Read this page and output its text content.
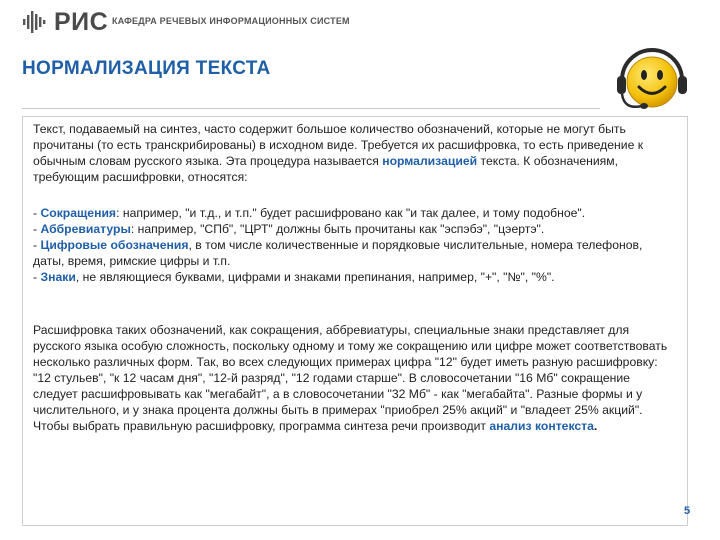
РИС КАФЕДРА РЕЧЕВЫХ ИНФОРМАЦИОННЫХ СИСТЕМ
НОРМАЛИЗАЦИЯ ТЕКСТА
Текст, подаваемый на синтез, часто содержит большое количество обозначений, которые не могут быть прочитаны (то есть транскрибированы) в исходном виде. Требуется их расшифровка, то есть приведение к обычным словам русского языка. Эта процедура называется нормализацией текста. К обозначениям, требующим расшифровки, относятся:
- Сокращения: например, "и т.д., и т.п." будет расшифровано как "и так далее, и тому подобное".
- Аббревиатуры: например, "СПб", "ЦРТ" должны быть прочитаны как "эспэбэ", "цэертэ".
- Цифровые обозначения, в том числе количественные и порядковые числительные, номера телефонов, даты, время, римские цифры и т.п.
- Знаки, не являющиеся буквами, цифрами и знаками препинания, например, "+", "№", "%".
Расшифровка таких обозначений, как сокращения, аббревиатуры, специальные знаки представляет для русского языка особую сложность, поскольку одному и тому же сокращению или цифре может соответствовать несколько различных форм. Так, во всех следующих примерах цифра "12" будет иметь разную расшифровку: "12 стульев", "к 12 часам дня", "12-й разряд", "12 годами старше". В словосочетании "16 Мб" сокращение следует расшифровывать как "мегабайт", а в словосочетании "32 Мб" - как "мегабайта". Разные формы и у числительного, и у знака процента должны быть в примерах "приобрел 25% акций" и "владеет 25% акций". Чтобы выбрать правильную расшифровку, программа синтеза речи производит анализ контекста.
5
